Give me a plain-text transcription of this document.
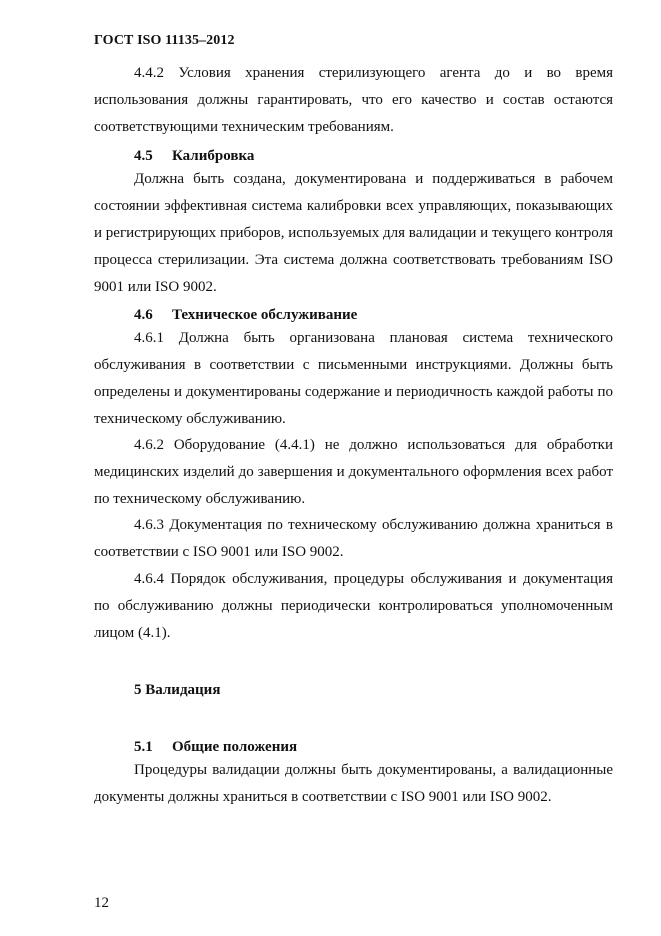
ГОСТ ISO 11135–2012
4.4.2 Условия хранения стерилизующего агента до и во время использования должны гарантировать, что его качество и состав остаются соответствующими техническим требованиям.
4.5 Калибровка
Должна быть создана, документирована и поддерживаться в рабочем состоянии эффективная система калибровки всех управляющих, показывающих и регистрирующих приборов, используемых для валидации и текущего контроля процесса стерилизации. Эта система должна соответствовать требованиям ISO 9001 или ISO 9002.
4.6 Техническое обслуживание
4.6.1 Должна быть организована плановая система технического обслуживания в соответствии с письменными инструкциями. Должны быть определены и документированы содержание и периодичность каждой работы по техническому обслуживанию.
4.6.2 Оборудование (4.4.1) не должно использоваться для обработки медицинских изделий до завершения и документального оформления всех работ по техническому обслуживанию.
4.6.3 Документация по техническому обслуживанию должна храниться в соответствии с ISO 9001 или ISO 9002.
4.6.4 Порядок обслуживания, процедуры обслуживания и документация по обслуживанию должны периодически контролироваться уполномоченным лицом (4.1).
5 Валидация
5.1 Общие положения
Процедуры валидации должны быть документированы, а валидационные документы должны храниться в соответствии с ISO 9001 или ISO 9002.
12
